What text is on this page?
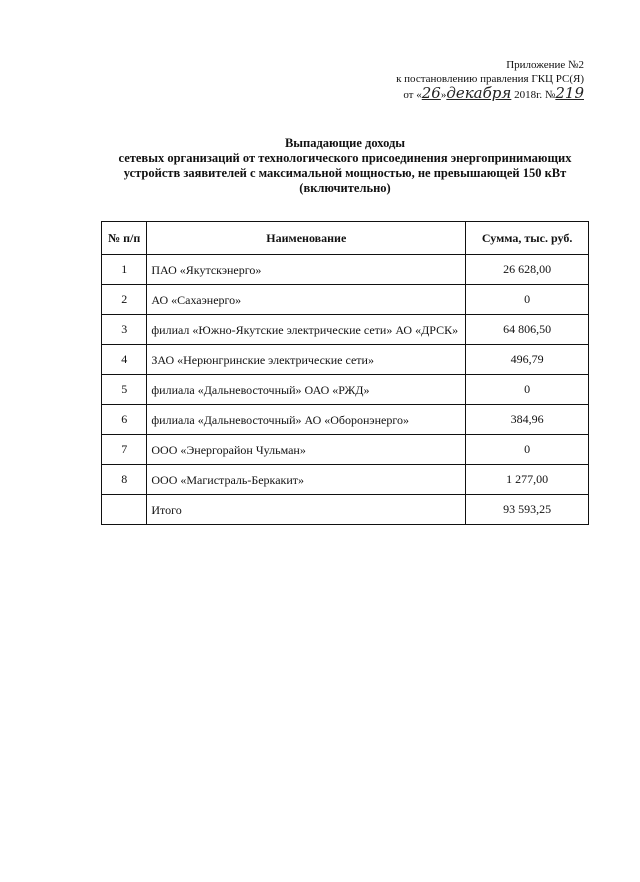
Приложение №2
к постановлению правления ГКЦ РС(Я)
от «26»декабря 2018г. №219
Выпадающие доходы
сетевых организаций от технологического присоединения энергопринимающих
устройств заявителей с максимальной мощностью, не превышающей 150 кВт
(включительно)
№ п/п	Наименование	Сумма, тыс. руб.
1	ПАО «Якутскэнерго»	26 628,00
2	АО «Сахаэнерго»	0
3	филиал «Южно-Якутские электрические сети» АО «ДРСК»	64 806,50
4	ЗАО «Нерюнгринские электрические сети»	496,79
5	филиала «Дальневосточный» ОАО «РЖД»	0
6	филиала «Дальневосточный» АО «Оборонэнерго»	384,96
7	ООО «Энергорайон Чульман»	0
8	ООО «Магистраль-Беркакит»	1 277,00
	Итого	93 593,25
